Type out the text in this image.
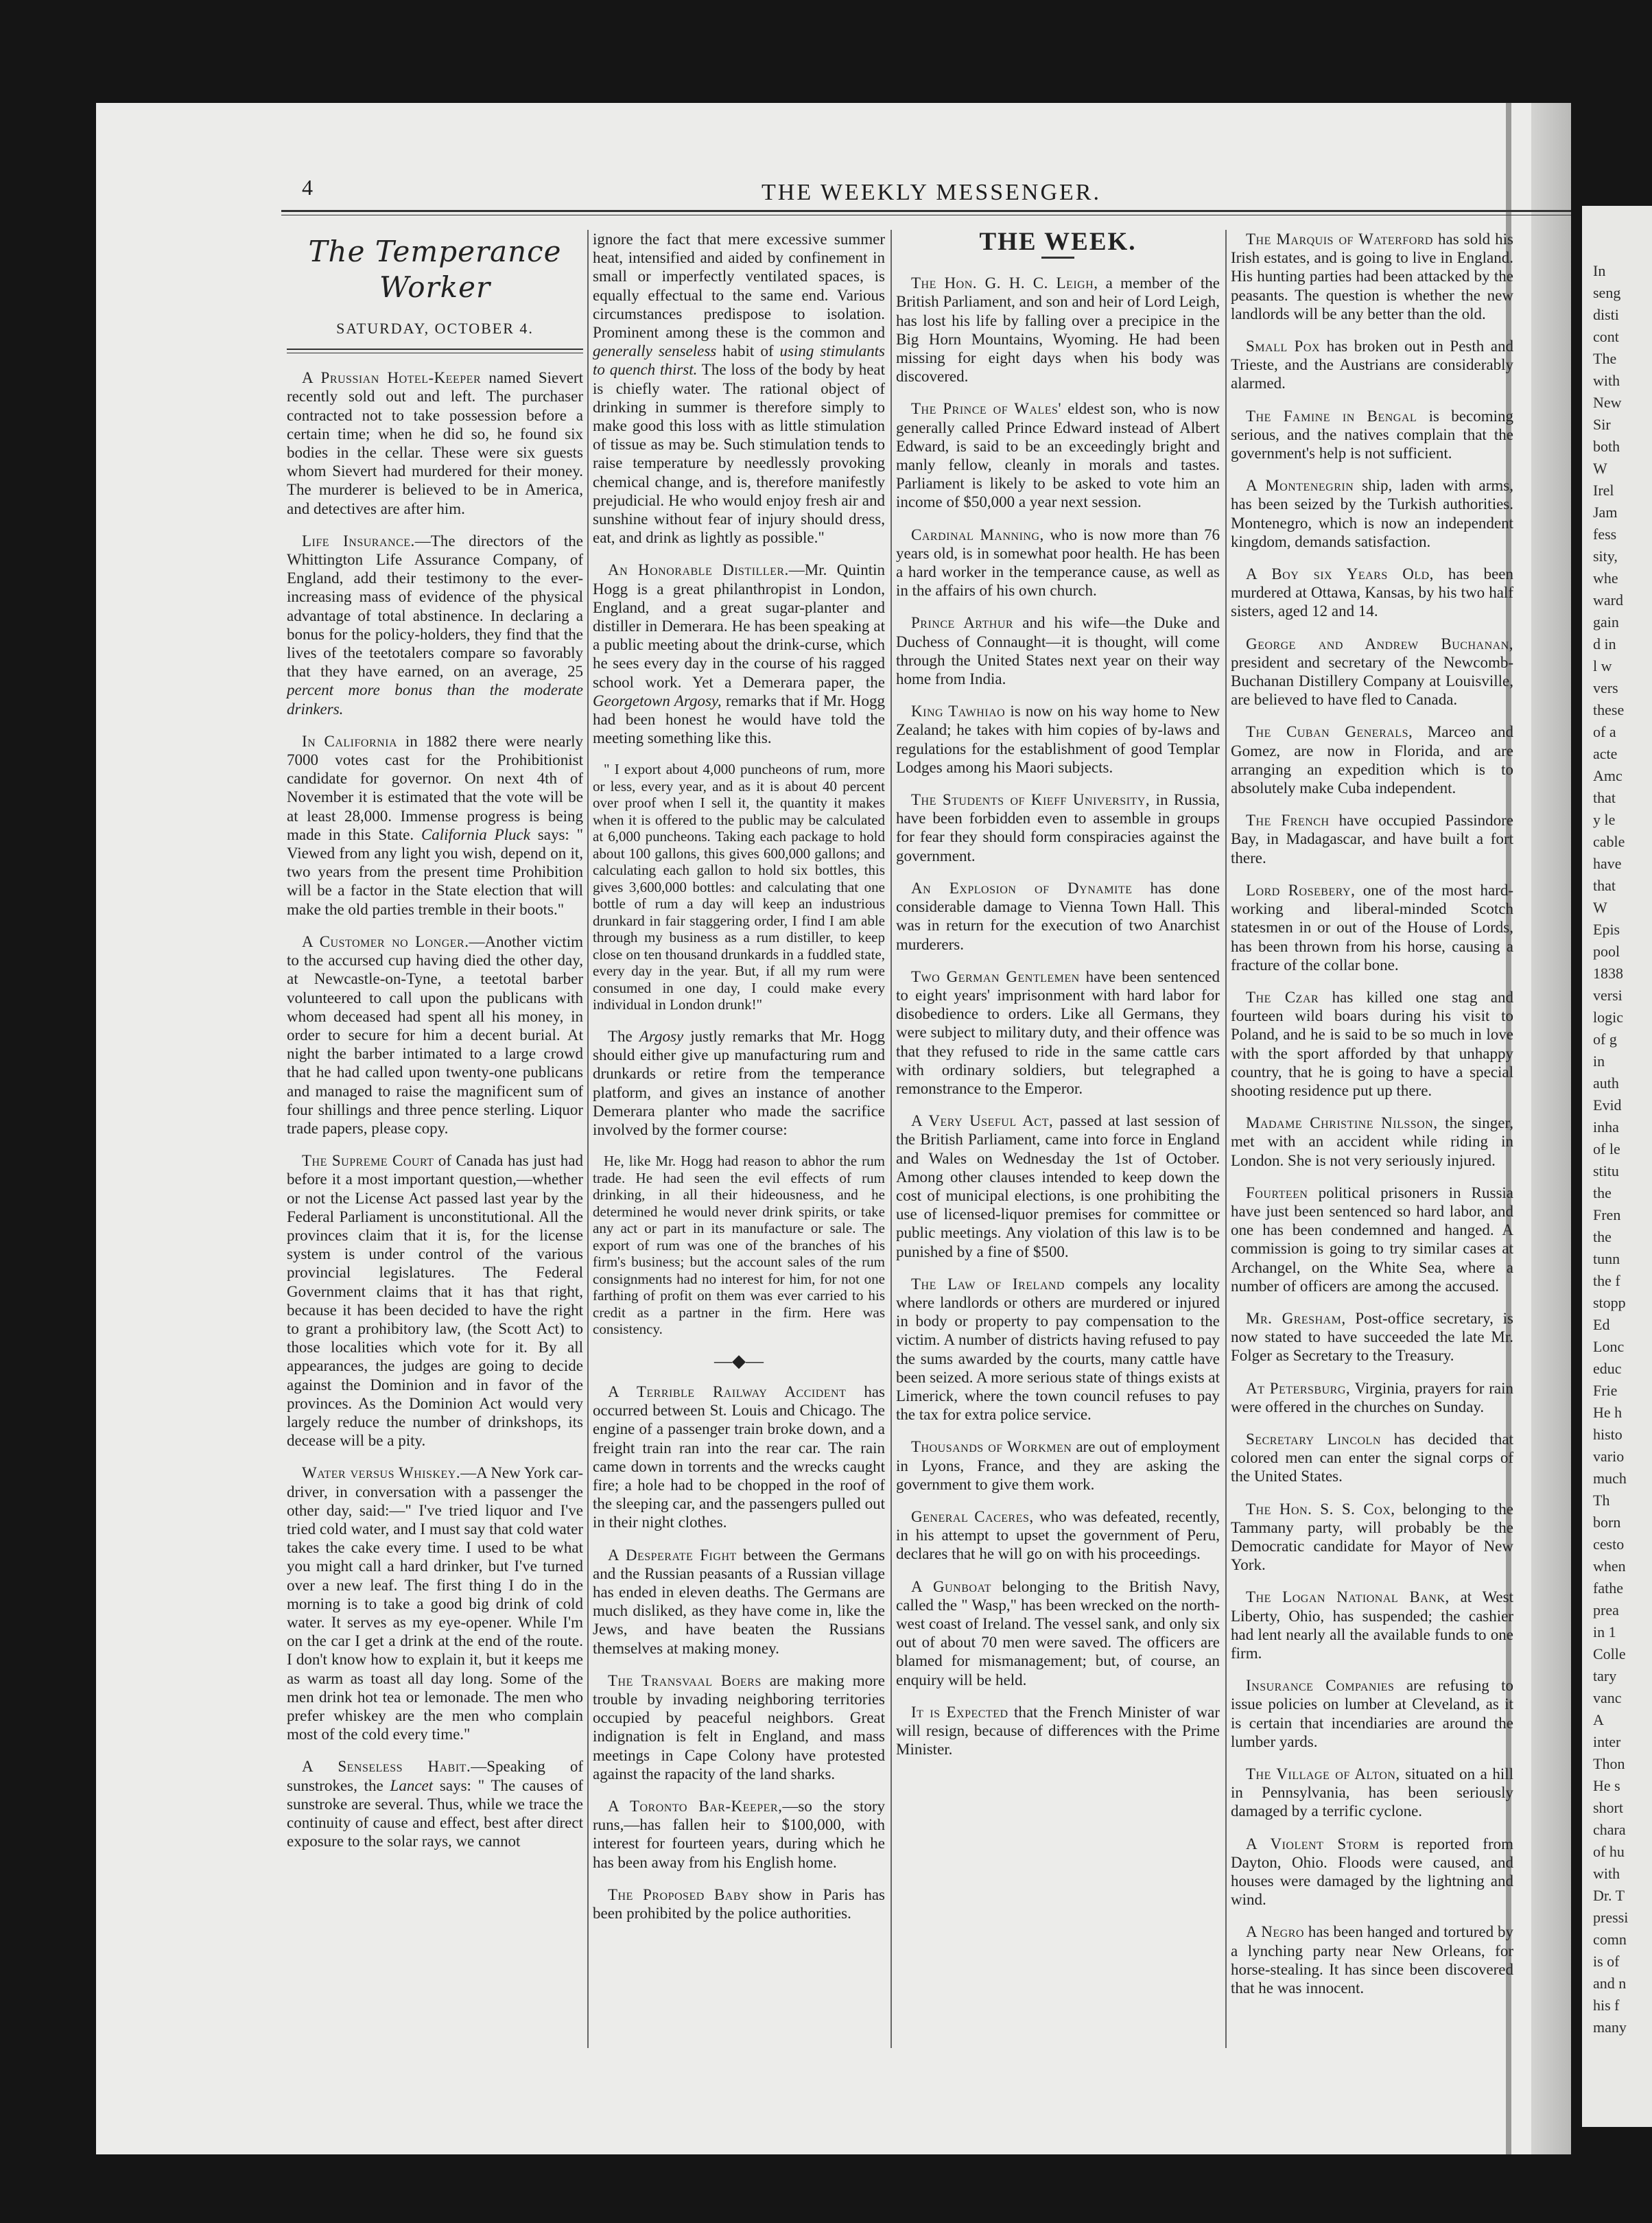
In
seng
disti
cont
The
with
New
Sir
both
W
Irel
Jam
fess
sity,
whe
ward
gain
d in
l w
vers
these
of a
acte
Amc
that
y le
cable
have
that
W
Epis
pool
1838
versi
logic
of g
in
auth
Evid
inha
of le
stitu
the
Fren
the
tunn
the f
stopp
Ed
Lonc
educ
Frie
He h
histo
vario
much
Th
born
cesto
when
fathe
prea
in 1
Colle
tary
vanc
A
inter
Thon
He s
short
chara
of hu
with
Dr. T
pressi
comn
is of
and n
his f
many
4	THE WEEKLY MESSENGER.
The Temperance Worker
SATURDAY, OCTOBER 4.

A Prussian Hotel-Keeper named Sievert recently sold out and left. The purchaser contracted not to take possession before a certain time; when he did so, he found six bodies in the cellar. These were six guests whom Sievert had murdered for their money. The murderer is believed to be in America, and detectives are after him.

Life Insurance.—The directors of the Whittington Life Assurance Company, of England, add their testimony to the ever-increasing mass of evidence of the physical advantage of total abstinence. In declaring a bonus for the policy-holders, they find that the lives of the teetotalers compare so favorably that they have earned, on an average, 25 percent more bonus than the moderate drinkers.

In California in 1882 there were nearly 7000 votes cast for the Prohibitionist candidate for governor. On next 4th of November it is estimated that the vote will be at least 28,000. Immense progress is being made in this State. California Pluck says: " Viewed from any light you wish, depend on it, two years from the present time Prohibition will be a factor in the State election that will make the old parties tremble in their boots."

A Customer no Longer.—Another victim to the accursed cup having died the other day, at Newcastle-on-Tyne, a teetotal barber volunteered to call upon the publicans with whom deceased had spent all his money, in order to secure for him a decent burial. At night the barber intimated to a large crowd that he had called upon twenty-one publicans and managed to raise the magnificent sum of four shillings and three pence sterling. Liquor trade papers, please copy.

The Supreme Court of Canada has just had before it a most important question,—whether or not the License Act passed last year by the Federal Parliament is unconstitutional. All the provinces claim that it is, for the license system is under control of the various provincial legislatures. The Federal Government claims that it has that right, because it has been decided to have the right to grant a prohibitory law, (the Scott Act) to those localities which vote for it. By all appearances, the judges are going to decide against the Dominion and in favor of the provinces. As the Dominion Act would very largely reduce the number of drinkshops, its decease will be a pity.

Water versus Whiskey.—A New York car-driver, in conversation with a passenger the other day, said:—" I've tried liquor and I've tried cold water, and I must say that cold water takes the cake every time. I used to be what you might call a hard drinker, but I've turned over a new leaf. The first thing I do in the morning is to take a good big drink of cold water. It serves as my eye-opener. While I'm on the car I get a drink at the end of the route. I don't know how to explain it, but it keeps me as warm as toast all day long. Some of the men drink hot tea or lemonade. The men who prefer whiskey are the men who complain most of the cold every time."

A Senseless Habit.—Speaking of sunstrokes, the Lancet says: " The causes of sunstroke are several. Thus, while we trace the continuity of cause and effect, best after direct exposure to the solar rays, we cannot

ignore the fact that mere excessive summer heat, intensified and aided by confinement in small or imperfectly ventilated spaces, is equally effectual to the same end. Various circumstances predispose to isolation. Prominent among these is the common and generally senseless habit of using stimulants to quench thirst. The loss of the body by heat is chiefly water. The rational object of drinking in summer is therefore simply to make good this loss with as little stimulation of tissue as may be. Such stimulation tends to raise temperature by needlessly provoking chemical change, and is, therefore manifestly prejudicial. He who would enjoy fresh air and sunshine without fear of injury should dress, eat, and drink as lightly as possible."

An Honorable Distiller.—Mr. Quintin Hogg is a great philanthropist in London, England, and a great sugar-planter and distiller in Demerara. He has been speaking at a public meeting about the drink-curse, which he sees every day in the course of his ragged school work. Yet a Demerara paper, the Georgetown Argosy, remarks that if Mr. Hogg had been honest he would have told the meeting something like this.

" I export about 4,000 puncheons of rum, more or less, every year, and as it is about 40 percent over proof when I sell it, the quantity it makes when it is offered to the public may be calculated at 6,000 puncheons. Taking each package to hold about 100 gallons, this gives 600,000 gallons; and calculating each gallon to hold six bottles, this gives 3,600,000 bottles: and calculating that one bottle of rum a day will keep an industrious drunkard in fair staggering order, I find I am able through my business as a rum distiller, to keep close on ten thousand drunkards in a fuddled state, every day in the year. But, if all my rum were consumed in one day, I could make every individual in London drunk!"

The Argosy justly remarks that Mr. Hogg should either give up manufacturing rum and drunkards or retire from the temperance platform, and gives an instance of another Demerara planter who made the sacrifice involved by the former course:

He, like Mr. Hogg had reason to abhor the rum trade. He had seen the evil effects of rum drinking, in all their hideousness, and he determined he would never drink spirits, or take any act or part in its manufacture or sale. The export of rum was one of the branches of his firm's business; but the account sales of the rum consignments had no interest for him, for not one farthing of profit on them was ever carried to his credit as a partner in the firm. Here was consistency.
—◆—

A Terrible Railway Accident has occurred between St. Louis and Chicago. The engine of a passenger train broke down, and a freight train ran into the rear car. The rain came down in torrents and the wrecks caught fire; a hole had to be chopped in the roof of the sleeping car, and the passengers pulled out in their night clothes.

A Desperate Fight between the Germans and the Russian peasants of a Russian village has ended in eleven deaths. The Germans are much disliked, as they have come in, like the Jews, and have beaten the Russians themselves at making money.

The Transvaal Boers are making more trouble by invading neighboring territories occupied by peaceful neighbors. Great indignation is felt in England, and mass meetings in Cape Colony have protested against the rapacity of the land sharks.

A Toronto Bar-Keeper,—so the story runs,—has fallen heir to $100,000, with interest for fourteen years, during which he has been away from his English home.

The Proposed Baby show in Paris has been prohibited by the police authorities.

THE WEEK.

The Hon. G. H. C. Leigh, a member of the British Parliament, and son and heir of Lord Leigh, has lost his life by falling over a precipice in the Big Horn Mountains, Wyoming. He had been missing for eight days when his body was discovered.

The Prince of Wales' eldest son, who is now generally called Prince Edward instead of Albert Edward, is said to be an exceedingly bright and manly fellow, cleanly in morals and tastes. Parliament is likely to be asked to vote him an income of $50,000 a year next session.

Cardinal Manning, who is now more than 76 years old, is in somewhat poor health. He has been a hard worker in the temperance cause, as well as in the affairs of his own church.

Prince Arthur and his wife—the Duke and Duchess of Connaught—it is thought, will come through the United States next year on their way home from India.

King Tawhiao is now on his way home to New Zealand; he takes with him copies of by-laws and regulations for the establishment of good Templar Lodges among his Maori subjects.

The Students of Kieff University, in Russia, have been forbidden even to assemble in groups for fear they should form conspiracies against the government.

An Explosion of Dynamite has done considerable damage to Vienna Town Hall. This was in return for the execution of two Anarchist murderers.

Two German Gentlemen have been sentenced to eight years' imprisonment with hard labor for disobedience to orders. Like all Germans, they were subject to military duty, and their offence was that they refused to ride in the same cattle cars with ordinary soldiers, but telegraphed a remonstrance to the Emperor.

A Very Useful Act, passed at last session of the British Parliament, came into force in England and Wales on Wednesday the 1st of October. Among other clauses intended to keep down the cost of municipal elections, is one prohibiting the use of licensed-liquor premises for committee or public meetings. Any violation of this law is to be punished by a fine of $500.

The Law of Ireland compels any locality where landlords or others are murdered or injured in body or property to pay compensation to the victim. A number of districts having refused to pay the sums awarded by the courts, many cattle have been seized. A more serious state of things exists at Limerick, where the town council refuses to pay the tax for extra police service.

Thousands of Workmen are out of employment in Lyons, France, and they are asking the government to give them work.

General Caceres, who was defeated, recently, in his attempt to upset the government of Peru, declares that he will go on with his proceedings.

A Gunboat belonging to the British Navy, called the " Wasp," has been wrecked on the north-west coast of Ireland. The vessel sank, and only six out of about 70 men were saved. The officers are blamed for mismanagement; but, of course, an enquiry will be held.

It is Expected that the French Minister of war will resign, because of differences with the Prime Minister.

The Marquis of Waterford has sold his Irish estates, and is going to live in England. His hunting parties had been attacked by the peasants. The question is whether the new landlords will be any better than the old.

Small Pox has broken out in Pesth and Trieste, and the Austrians are considerably alarmed.

The Famine in Bengal is becoming serious, and the natives complain that the government's help is not sufficient.

A Montenegrin ship, laden with arms, has been seized by the Turkish authorities. Montenegro, which is now an independent kingdom, demands satisfaction.

A Boy six Years Old, has been murdered at Ottawa, Kansas, by his two half sisters, aged 12 and 14.

George and Andrew Buchanan, president and secretary of the Newcomb-Buchanan Distillery Company at Louisville, are believed to have fled to Canada.

The Cuban Generals, Marceo and Gomez, are now in Florida, and are arranging an expedition which is to absolutely make Cuba independent.

The French have occupied Passindore Bay, in Madagascar, and have built a fort there.

Lord Rosebery, one of the most hard-working and liberal-minded Scotch statesmen in or out of the House of Lords, has been thrown from his horse, causing a fracture of the collar bone.

The Czar has killed one stag and fourteen wild boars during his visit to Poland, and he is said to be so much in love with the sport afforded by that unhappy country, that he is going to have a special shooting residence put up there.

Madame Christine Nilsson, the singer, met with an accident while riding in London. She is not very seriously injured.

Fourteen political prisoners in Russia have just been sentenced so hard labor, and one has been condemned and hanged. A commission is going to try similar cases at Archangel, on the White Sea, where a number of officers are among the accused.

Mr. Gresham, Post-office secretary, is now stated to have succeeded the late Mr. Folger as Secretary to the Treasury.

At Petersburg, Virginia, prayers for rain were offered in the churches on Sunday.

Secretary Lincoln has decided that colored men can enter the signal corps of the United States.

The Hon. S. S. Cox, belonging to the Tammany party, will probably be the Democratic candidate for Mayor of New York.

The Logan National Bank, at West Liberty, Ohio, has suspended; the cashier had lent nearly all the available funds to one firm.

Insurance Companies are refusing to issue policies on lumber at Cleveland, as it is certain that incendiaries are around the lumber yards.

The Village of Alton, situated on a hill in Pennsylvania, has been seriously damaged by a terrific cyclone.

A Violent Storm is reported from Dayton, Ohio. Floods were caused, and houses were damaged by the lightning and wind.

A Negro has been hanged and tortured by a lynching party near New Orleans, for horse-stealing. It has since been discovered that he was innocent.
